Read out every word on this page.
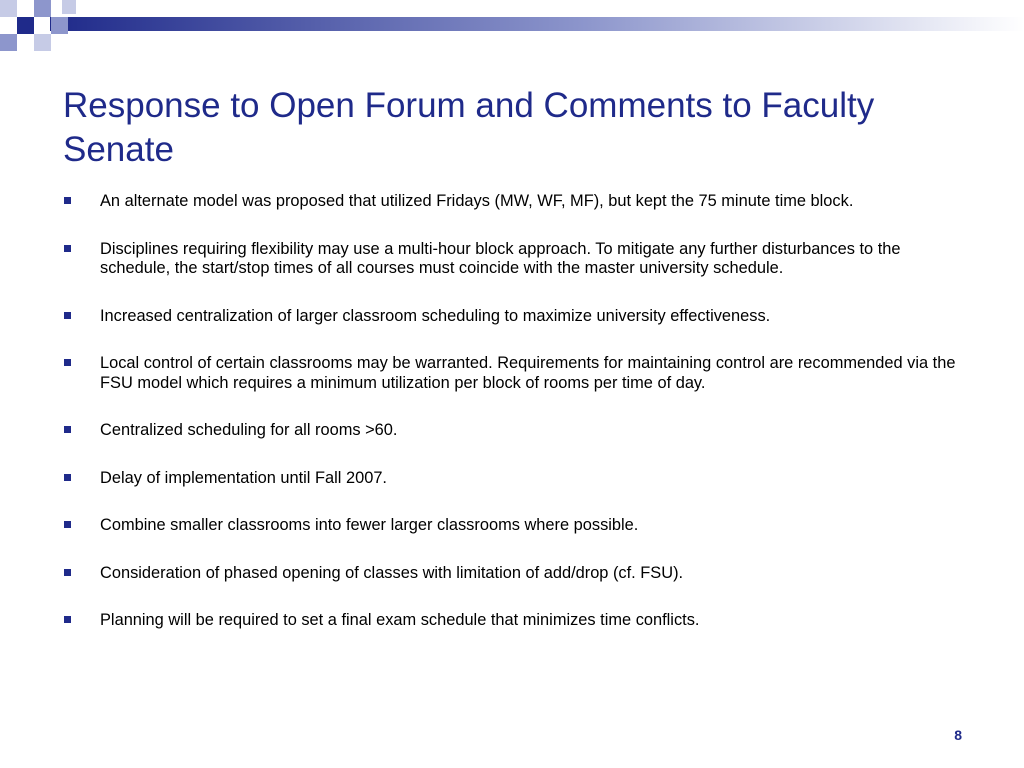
Response to Open Forum and Comments to Faculty Senate
An alternate model was proposed that utilized Fridays (MW, WF, MF), but kept the 75 minute time block.
Disciplines requiring flexibility may use a multi-hour block approach. To mitigate any further disturbances to the schedule, the start/stop times of all courses must coincide with the master university schedule.
Increased centralization of larger classroom scheduling to maximize university effectiveness.
Local control of certain classrooms may be warranted. Requirements for maintaining control are recommended via the FSU model which requires a minimum utilization per block of rooms per time of day.
Centralized scheduling for all rooms >60.
Delay of implementation until Fall 2007.
Combine smaller classrooms into fewer larger classrooms where possible.
Consideration of phased opening of classes with limitation of add/drop (cf. FSU).
Planning will be required to set a final exam schedule that minimizes time conflicts.
8
